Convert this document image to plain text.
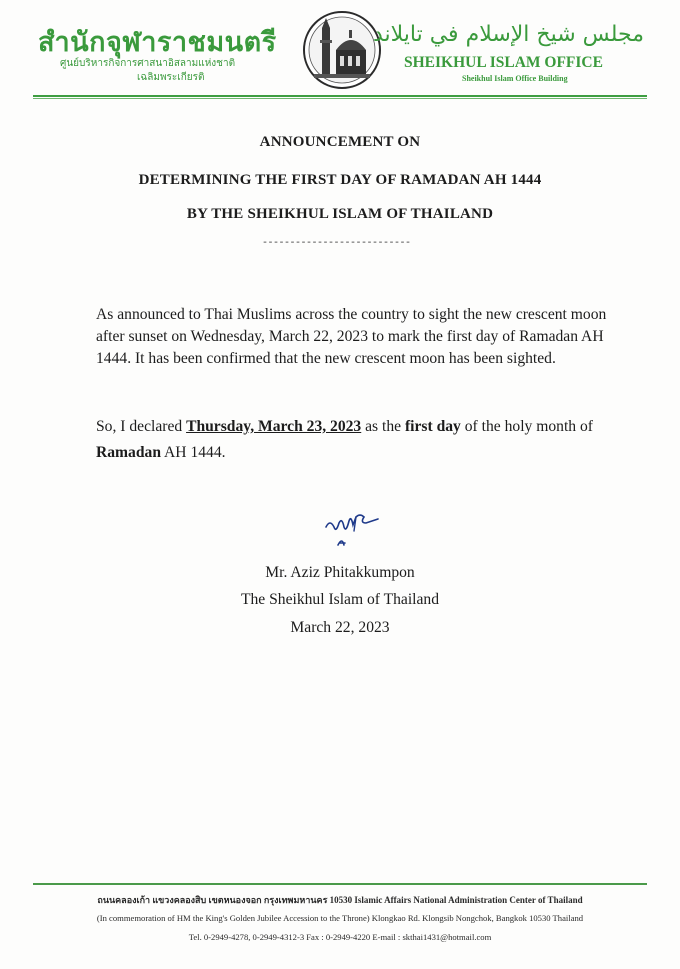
สำนักจุฬาราชมนตรี
ศูนย์บริหารกิจการศาสนาอิสลามแห่งชาติ
เฉลิมพระเกียรติ
مجلس شيخ الإسلام في تايلاند
SHEIKHUL ISLAM OFFICE
Sheikhul Islam Office Building
ANNOUNCEMENT ON
DETERMINING THE FIRST DAY OF RAMADAN AH 1444
BY THE SHEIKHUL ISLAM OF THAILAND
---------------------------
As announced to Thai Muslims across the country to sight the new crescent moon after sunset on Wednesday, March 22, 2023 to mark the first day of Ramadan AH 1444. It has been confirmed that the new crescent moon has been sighted.
So, I declared Thursday, March 23, 2023 as the first day of the holy month of Ramadan AH 1444.
Mr. Aziz Phitakkumpon
The Sheikhul Islam of Thailand
March 22, 2023
ถนนคลองเก้า แขวงคลองสิบ เขตหนองจอก กรุงเทพมหานคร 10530 Islamic Affairs National Administration Center of Thailand
(In commemoration of HM the King's Golden Jubilee Accession to the Throne) Klongkao Rd. Klongsib Nongchok, Bangkok 10530 Thailand
Tel. 0-2949-4278, 0-2949-4312-3 Fax : 0-2949-4220 E-mail : skthai1431@hotmail.com
